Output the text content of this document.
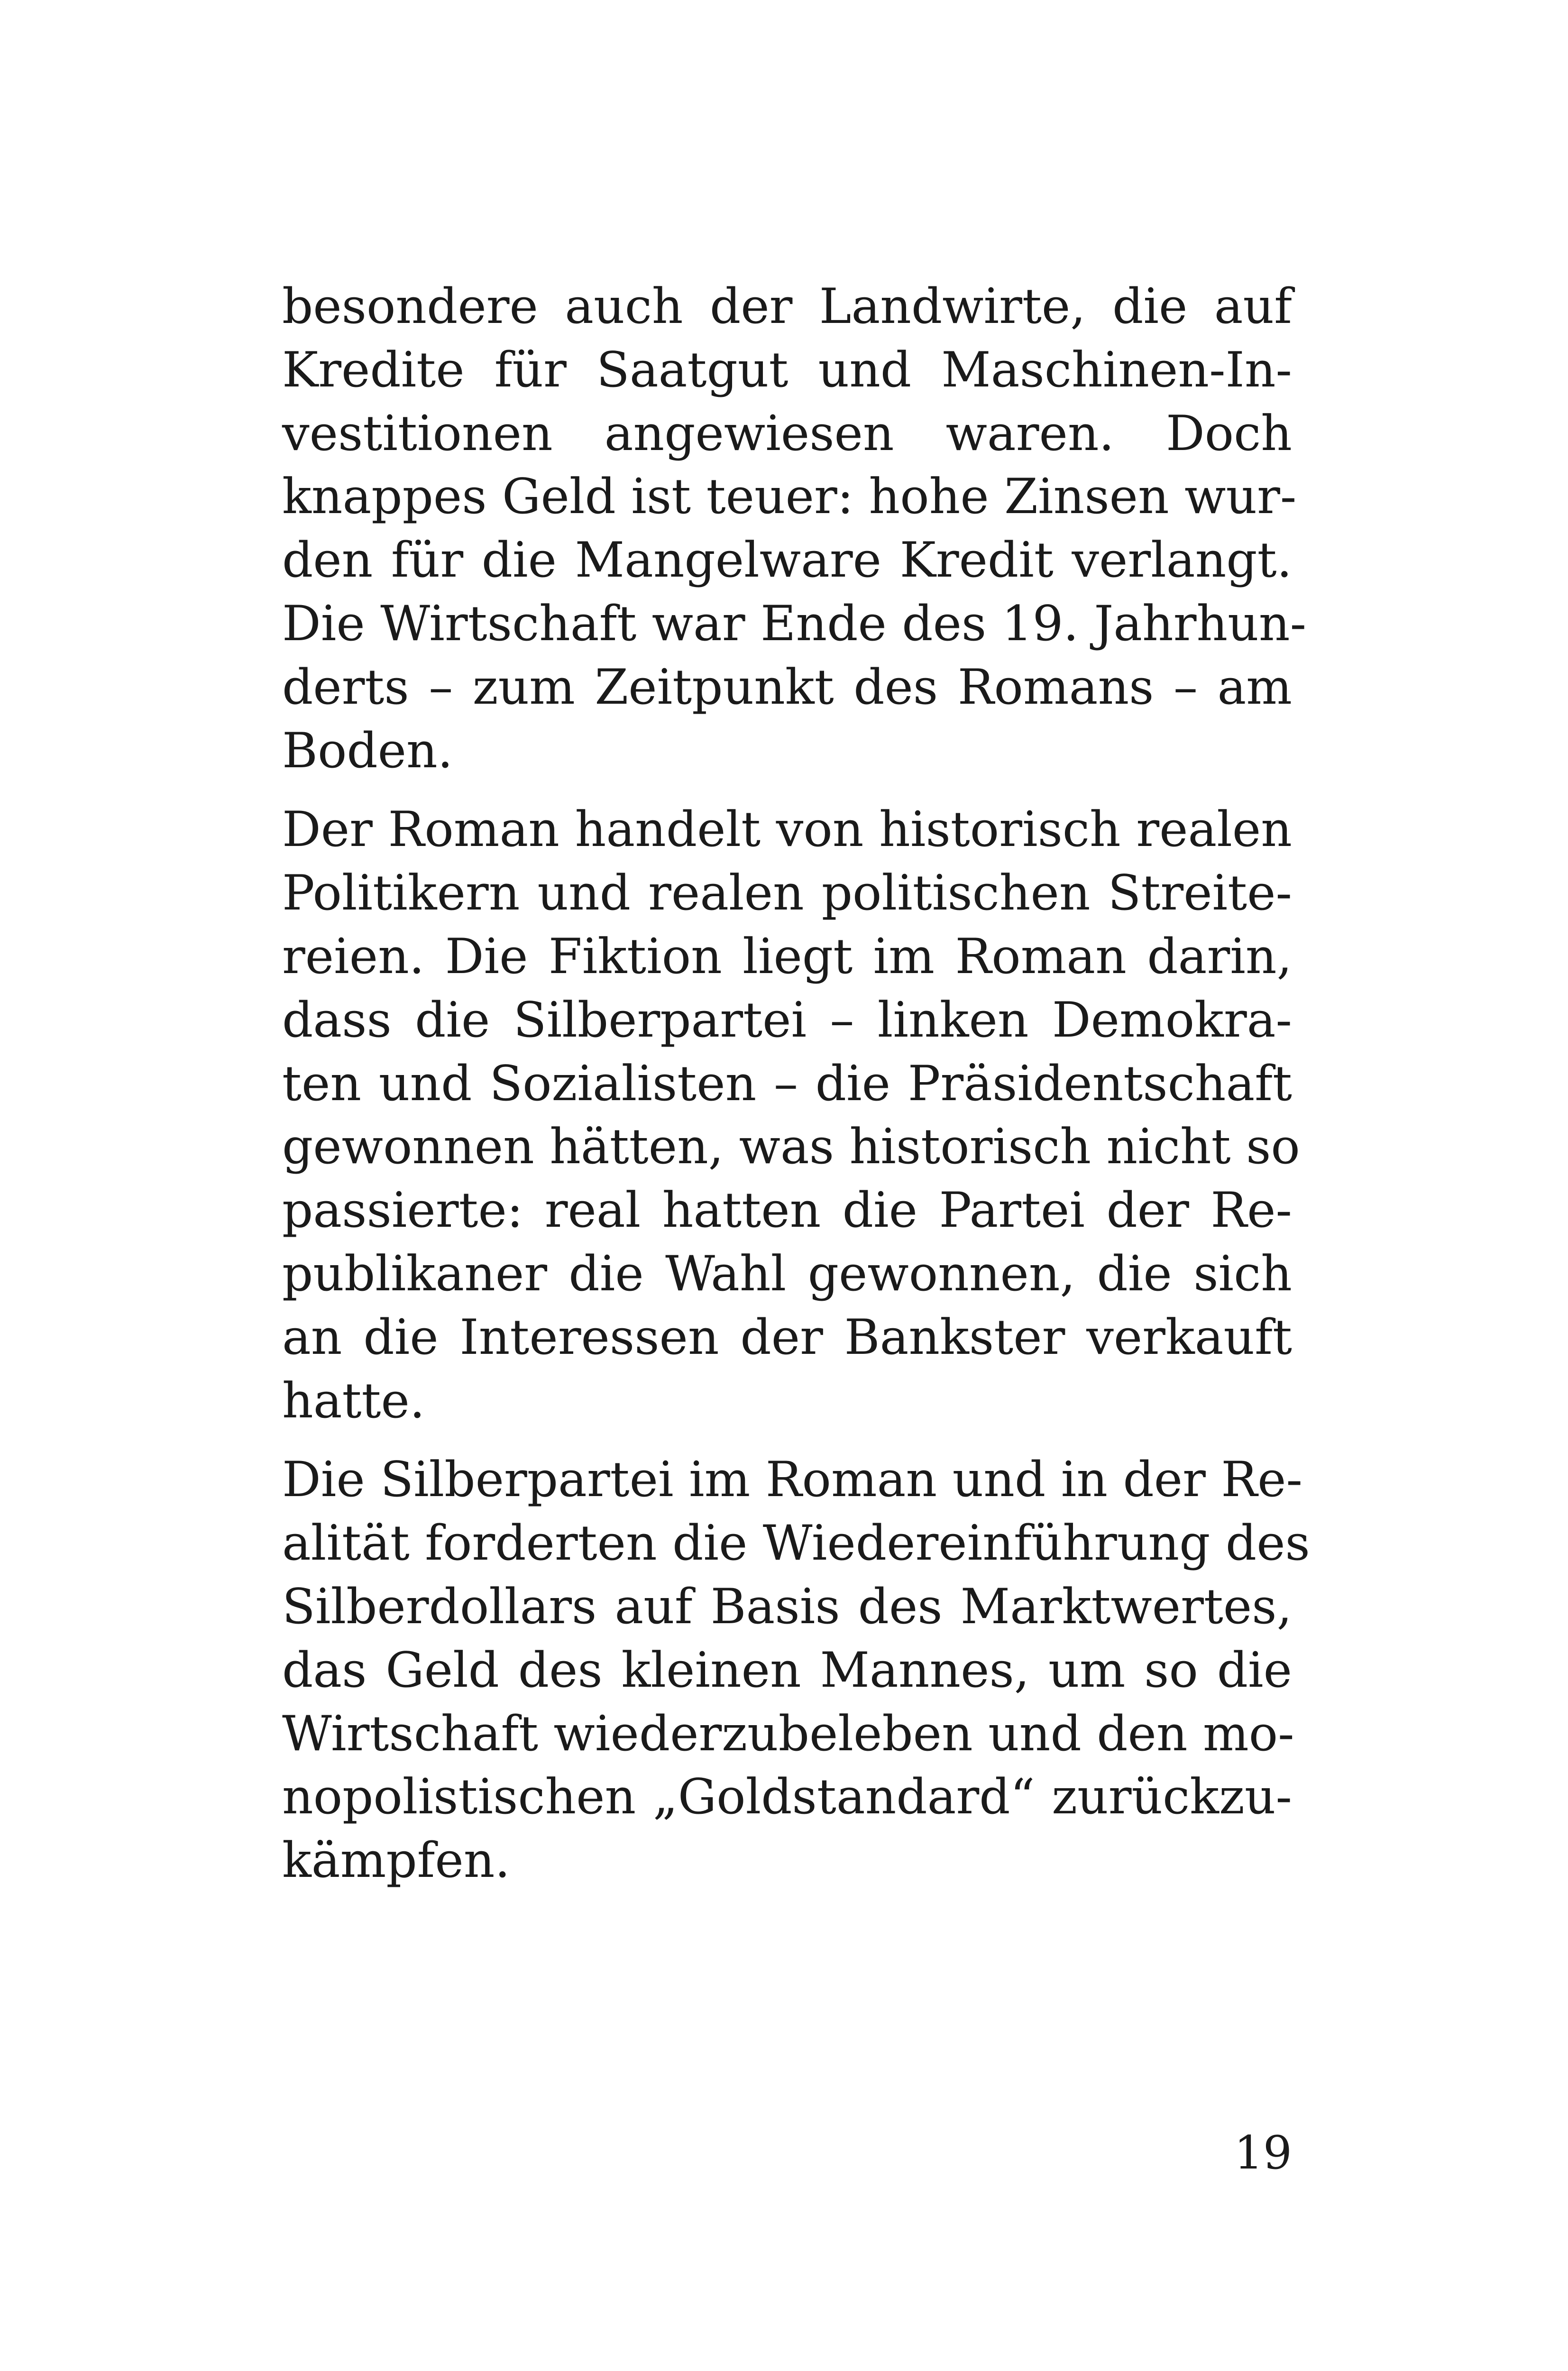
besondere auch der Landwirte, die auf
Kredite für Saatgut und Maschinen-In-
vestitionen angewiesen waren. Doch
knappes Geld ist teuer: hohe Zinsen wur-
den für die Mangelware Kredit verlangt.
Die Wirtschaft war Ende des 19. Jahrhun-
derts – zum Zeitpunkt des Romans – am
Boden.
Der Roman handelt von historisch realen
Politikern und realen politischen Streite-
reien. Die Fiktion liegt im Roman darin,
dass die Silberpartei – linken Demokra-
ten und Sozialisten – die Präsidentschaft
gewonnen hätten, was historisch nicht so
passierte: real hatten die Partei der Re-
publikaner die Wahl gewonnen, die sich
an die Interessen der Bankster verkauft
hatte.
Die Silberpartei im Roman und in der Re-
alität forderten die Wiedereinführung des
Silberdollars auf Basis des Marktwertes,
das Geld des kleinen Mannes, um so die
Wirtschaft wiederzubeleben und den mo-
nopolistischen „Goldstandard“ zurückzu-
kämpfen.
19
